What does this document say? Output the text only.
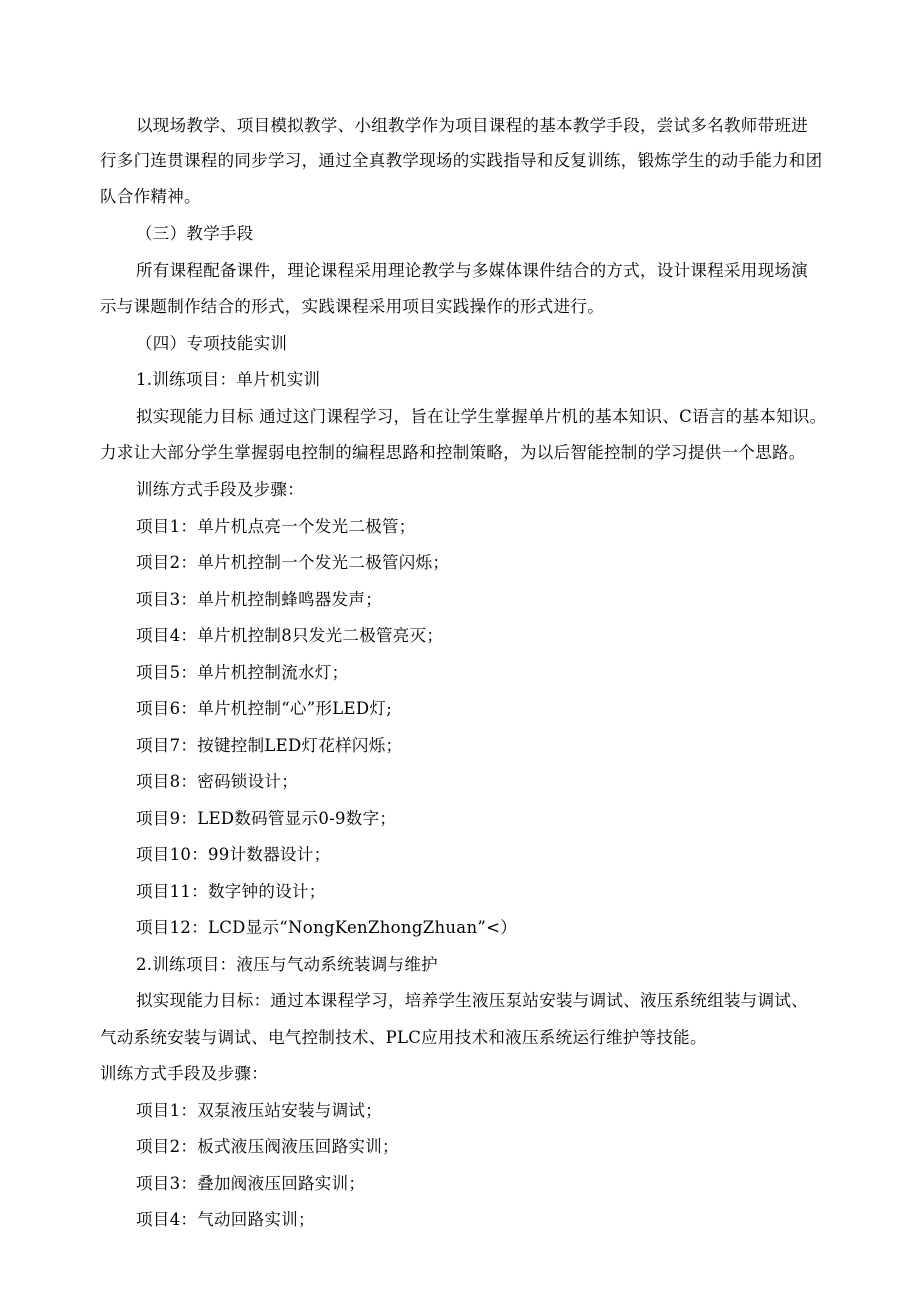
以现场教学、项目模拟教学、小组教学作为项目课程的基本教学手段，尝试多名教师带班进
行多门连贯课程的同步学习，通过全真教学现场的实践指导和反复训练，锻炼学生的动手能力和团
队合作精神。
（三）教学手段
所有课程配备课件，理论课程采用理论教学与多媒体课件结合的方式，设计课程采用现场演
示与课题制作结合的形式，实践课程采用项目实践操作的形式进行。
（四）专项技能实训
1.训练项目：单片机实训
拟实现能力目标 通过这门课程学习，旨在让学生掌握单片机的基本知识、C语言的基本知识。
力求让大部分学生掌握弱电控制的编程思路和控制策略，为以后智能控制的学习提供一个思路。
训练方式手段及步骤：
项目1：单片机点亮一个发光二极管；
项目2：单片机控制一个发光二极管闪烁；
项目3：单片机控制蜂鸣器发声；
项目4：单片机控制8只发光二极管亮灭；
项目5：单片机控制流水灯；
项目6：单片机控制“心”形LED灯;
项目7：按键控制LED灯花样闪烁；
项目8：密码锁设计；
项目9：LED数码管显示0-9数字；
项目10：99计数器设计；
项目11：数字钟的设计；
项目12：LCD显示“NongKenZhongZhuan”<）
2.训练项目：液压与气动系统装调与维护
拟实现能力目标：通过本课程学习，培养学生液压泵站安装与调试、液压系统组装与调试、
气动系统安装与调试、电气控制技术、PLC应用技术和液压系统运行维护等技能。
训练方式手段及步骤：
项目1：双泵液压站安装与调试；
项目2：板式液压阀液压回路实训；
项目3：叠加阀液压回路实训；
项目4：气动回路实训；
